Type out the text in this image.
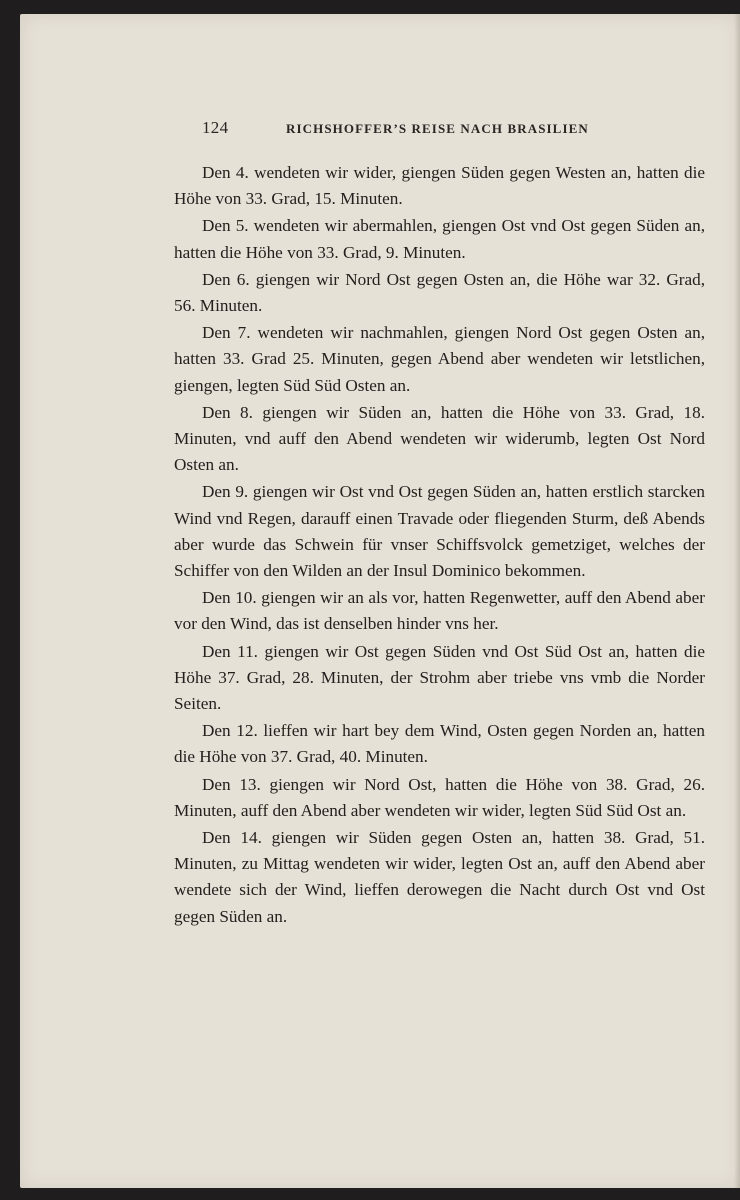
124	RICHSHOFFER’S REISE NACH BRASILIEN

Den 4. wendeten wir wider, giengen Süden gegen Westen an, hatten die Höhe von 33. Grad, 15. Minuten.

Den 5. wendeten wir abermahlen, giengen Ost vnd Ost gegen Süden an, hatten die Höhe von 33. Grad, 9. Minuten.

Den 6. giengen wir Nord Ost gegen Osten an, die Höhe war 32. Grad, 56. Minuten.

Den 7. wendeten wir nachmahlen, giengen Nord Ost gegen Osten an, hatten 33. Grad 25. Minuten, gegen Abend aber wendeten wir letstlichen, giengen, legten Süd Süd Osten an.

Den 8. giengen wir Süden an, hatten die Höhe von 33. Grad, 18. Minuten, vnd auff den Abend wendeten wir widerumb, legten Ost Nord Osten an.

Den 9. giengen wir Ost vnd Ost gegen Süden an, hatten erstlich starcken Wind vnd Regen, darauff einen Travade oder fliegenden Sturm, deß Abends aber wurde das Schwein für vnser Schiffsvolck gemetziget, welches der Schiffer von den Wilden an der Insul Dominico bekommen.

Den 10. giengen wir an als vor, hatten Regenwetter, auff den Abend aber vor den Wind, das ist denselben hinder vns her.

Den 11. giengen wir Ost gegen Süden vnd Ost Süd Ost an, hatten die Höhe 37. Grad, 28. Minuten, der Strohm aber triebe vns vmb die Norder Seiten.

Den 12. lieffen wir hart bey dem Wind, Osten gegen Norden an, hatten die Höhe von 37. Grad, 40. Minuten.

Den 13. giengen wir Nord Ost, hatten die Höhe von 38. Grad, 26. Minuten, auff den Abend aber wendeten wir wider, legten Süd Süd Ost an.

Den 14. giengen wir Süden gegen Osten an, hatten 38. Grad, 51. Minuten, zu Mittag wendeten wir wider, legten Ost an, auff den Abend aber wendete sich der Wind, lieffen derowegen die Nacht durch Ost vnd Ost gegen Süden an.
